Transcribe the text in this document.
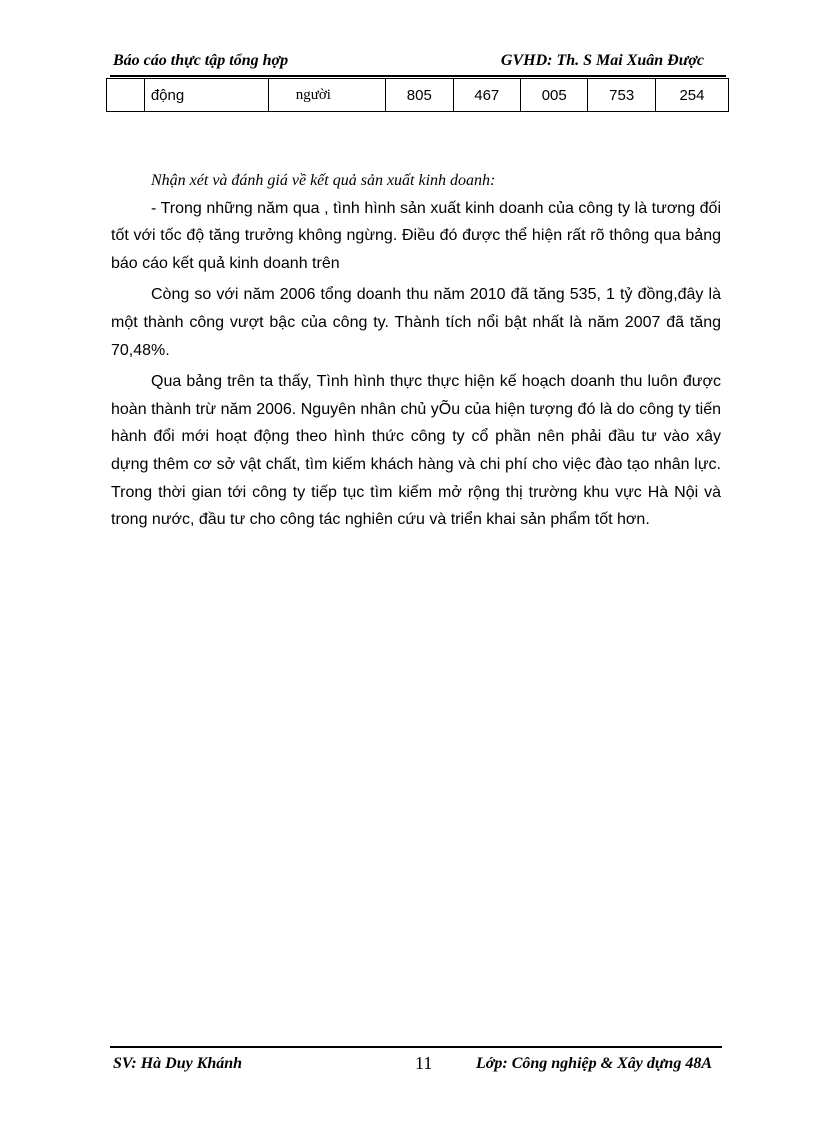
Báo cáo thực tập tổng hợp	GVHD: Th. S Mai Xuân Được
	động	người	805	467	005	753	254

Nhận xét và đánh giá về kết quả sản xuất kinh doanh:

- Trong những năm qua , tình hình sản xuất kinh doanh của công ty là tương đối tốt với tốc độ tăng trưởng không ngừng. Điều đó được thể hiện rất rõ thông qua bảng báo cáo kết quả kinh doanh trên

Còng so với năm 2006 tổng doanh thu năm 2010 đã tăng 535, 1 tỷ đồng,đây là một thành công vượt bậc của công ty. Thành tích nổi bật nhất là năm 2007 đã tăng 70,48%.

Qua bảng trên ta thấy, Tình hình thực thực hiện kế hoạch doanh thu luôn được hoàn thành trừ năm 2006. Nguyên nhân chủ yÕu của hiện tượng đó là do công ty tiến hành đổi mới hoạt động theo hình thức công ty cổ phần nên phải đầu tư vào xây dựng thêm cơ sở vật chất, tìm kiếm khách hàng và chi phí cho việc đào tạo nhân lực. Trong thời gian tới công ty tiếp tục tìm kiếm mở rộng thị trường khu vực Hà Nội và trong nước, đầu tư cho công tác nghiên cứu và triển khai sản phẩm tốt hơn.

SV: Hà Duy Khánh	11	Lớp: Công nghiệp & Xây dựng 48A
